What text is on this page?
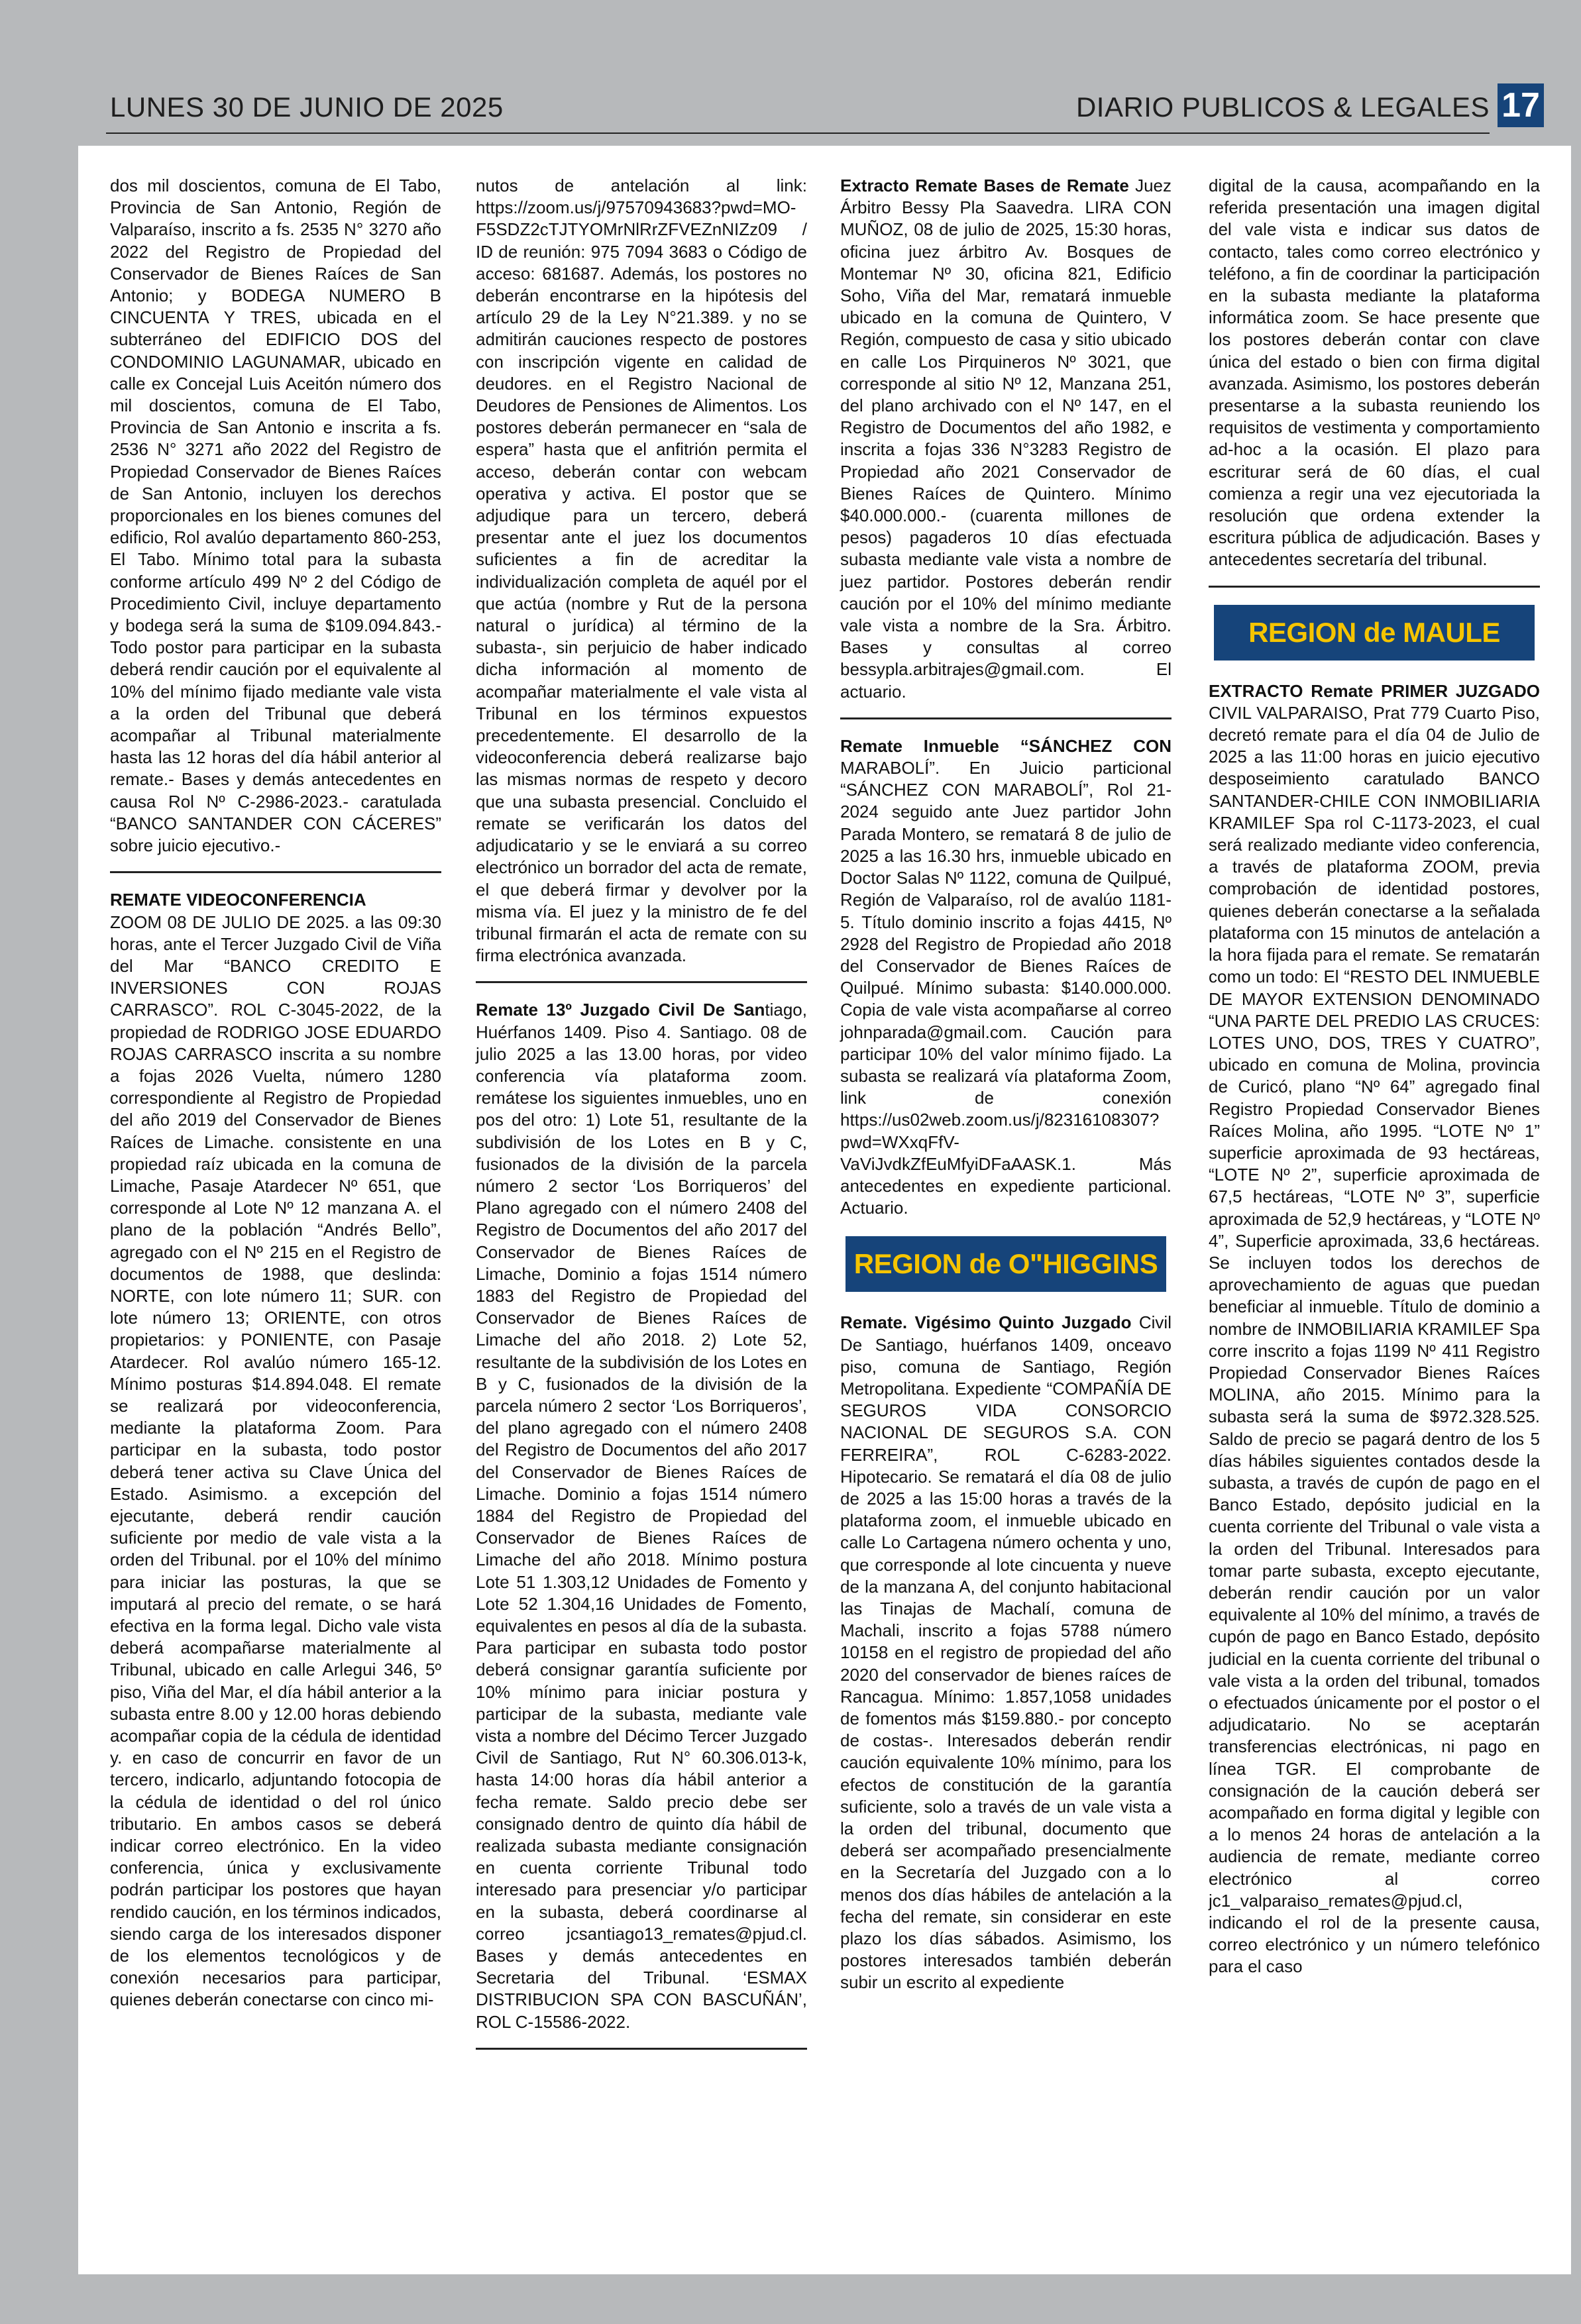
LUNES 30 DE JUNIO DE 2025	DIARIO PUBLICOS & LEGALES 17

dos mil doscientos, comuna de El Tabo, Provincia de San Antonio, Región de Valparaíso, inscrito a fs. 2535 N° 3270 año 2022 del Registro de Propiedad del Conservador de Bienes Raíces de San Antonio; y BODEGA NUMERO B CINCUENTA Y TRES, ubicada en el subterráneo del EDIFICIO DOS del CONDOMINIO LAGUNAMAR, ubicado en calle ex Concejal Luis Aceitón número dos mil doscientos, comuna de El Tabo, Provincia de San Antonio e inscrita a fs. 2536 N° 3271 año 2022 del Registro de Propiedad Conservador de Bienes Raíces de San Antonio, incluyen los derechos proporcionales en los bienes comunes del edificio, Rol avalúo departamento 860-253, El Tabo. Mínimo total para la subasta conforme artículo 499 Nº 2 del Código de Procedimiento Civil, incluye departamento y bodega será la suma de $109.094.843.- Todo postor para participar en la subasta deberá rendir caución por el equivalente al 10% del mínimo fijado mediante vale vista a la orden del Tribunal que deberá acompañar al Tribunal materialmente hasta las 12 horas del día hábil anterior al remate.- Bases y demás antecedentes en causa Rol Nº C-2986-2023.- caratulada “BANCO SANTANDER CON CÁCERES” sobre juicio ejecutivo.-

REMATE VIDEOCONFERENCIA
ZOOM 08 DE JULIO DE 2025. a las 09:30 horas, ante el Tercer Juzgado Civil de Viña del Mar “BANCO CREDITO E INVERSIONES CON ROJAS CARRASCO”. ROL C-3045-2022, de la propiedad de RODRIGO JOSE EDUARDO ROJAS CARRASCO inscrita a su nombre a fojas 2026 Vuelta, número 1280 correspondiente al Registro de Propiedad del año 2019 del Conservador de Bienes Raíces de Limache. consistente en una propiedad raíz ubicada en la comuna de Limache, Pasaje Atardecer Nº 651, que corresponde al Lote Nº 12 manzana A. el plano de la población “Andrés Bello”, agregado con el Nº 215 en el Registro de documentos de 1988, que deslinda: NORTE, con lote número 11; SUR. con lote número 13; ORIENTE, con otros propietarios: y PONIENTE, con Pasaje Atardecer. Rol avalúo número 165-12. Mínimo posturas $14.894.048. El remate se realizará por videoconferencia, mediante la plataforma Zoom. Para participar en la subasta, todo postor deberá tener activa su Clave Única del Estado. Asimismo. a excepción del ejecutante, deberá rendir caución suficiente por medio de vale vista a la orden del Tribunal. por el 10% del mínimo para iniciar las posturas, la que se imputará al precio del remate, o se hará efectiva en la forma legal. Dicho vale vista deberá acompañarse materialmente al Tribunal, ubicado en calle Arlegui 346, 5º piso, Viña del Mar, el día hábil anterior a la subasta entre 8.00 y 12.00 horas debiendo acompañar copia de la cédula de identidad y. en caso de concurrir en favor de un tercero, indicarlo, adjuntando fotocopia de la cédula de identidad o del rol único tributario. En ambos casos se deberá indicar correo electrónico. En la video conferencia, única y exclusivamente podrán participar los postores que hayan rendido caución, en los términos indicados, siendo carga de los interesados disponer de los elementos tecnológicos y de conexión necesarios para participar, quienes deberán conectarse con cinco mi-

nutos de antelación al link: https://zoom.us/j/97570943683?pwd=MO-F5SDZ2cTJTYOMrNlRrZFVEZnNIZz09 / ID de reunión: 975 7094 3683 o Código de acceso: 681687. Además, los postores no deberán encontrarse en la hipótesis del artículo 29 de la Ley N°21.389. y no se admitirán cauciones respecto de postores con inscripción vigente en calidad de deudores. en el Registro Nacional de Deudores de Pensiones de Alimentos. Los postores deberán permanecer en “sala de espera” hasta que el anfitrión permita el acceso, deberán contar con webcam operativa y activa. El postor que se adjudique para un tercero, deberá presentar ante el juez los documentos suficientes a fin de acreditar la individualización completa de aquél por el que actúa (nombre y Rut de la persona natural o jurídica) al término de la subasta-, sin perjuicio de haber indicado dicha información al momento de acompañar materialmente el vale vista al Tribunal en los términos expuestos precedentemente. El desarrollo de la videoconferencia deberá realizarse bajo las mismas normas de respeto y decoro que una subasta presencial. Concluido el remate se verificarán los datos del adjudicatario y se le enviará a su correo electrónico un borrador del acta de remate, el que deberá firmar y devolver por la misma vía. El juez y la ministro de fe del tribunal firmarán el acta de remate con su firma electrónica avanzada.

Remate 13º Juzgado Civil De Santiago, Huérfanos 1409. Piso 4. Santiago. 08 de julio 2025 a las 13.00 horas, por video conferencia vía plataforma zoom. remátese los siguientes inmuebles, uno en pos del otro: 1) Lote 51, resultante de la subdivisión de los Lotes en B y C, fusionados de la división de la parcela número 2 sector ‘Los Borriqueros’ del Plano agregado con el número 2408 del Registro de Documentos del año 2017 del Conservador de Bienes Raíces de Limache, Dominio a fojas 1514 número 1883 del Registro de Propiedad del Conservador de Bienes Raíces de Limache del año 2018. 2) Lote 52, resultante de la subdivisión de los Lotes en B y C, fusionados de la división de la parcela número 2 sector ‘Los Borriqueros’, del plano agregado con el número 2408 del Registro de Documentos del año 2017 del Conservador de Bienes Raíces de Limache. Dominio a fojas 1514 número 1884 del Registro de Propiedad del Conservador de Bienes Raíces de Limache del año 2018. Mínimo postura Lote 51 1.303,12 Unidades de Fomento y Lote 52 1.304,16 Unidades de Fomento, equivalentes en pesos al día de la subasta. Para participar en subasta todo postor deberá consignar garantía suficiente por 10% mínimo para iniciar postura y participar de la subasta, mediante vale vista a nombre del Décimo Tercer Juzgado Civil de Santiago, Rut N° 60.306.013-k, hasta 14:00 horas día hábil anterior a fecha remate. Saldo precio debe ser consignado dentro de quinto día hábil de realizada subasta mediante consignación en cuenta corriente Tribunal todo interesado para presenciar y/o participar en la subasta, deberá coordinarse al correo jcsantiago13_remates@pjud.cl. Bases y demás antecedentes en Secretaria del Tribunal. ‘ESMAX DISTRIBUCION SPA CON BASCUÑÁN’, ROL C-15586-2022.

Extracto Remate Bases de Remate Juez Árbitro Bessy Pla Saavedra. LIRA CON MUÑOZ, 08 de julio de 2025, 15:30 horas, oficina juez árbitro Av. Bosques de Montemar Nº 30, oficina 821, Edificio Soho, Viña del Mar, rematará inmueble ubicado en la comuna de Quintero, V Región, compuesto de casa y sitio ubicado en calle Los Pirquineros Nº 3021, que corresponde al sitio Nº 12, Manzana 251, del plano archivado con el Nº 147, en el Registro de Documentos del año 1982, e inscrita a fojas 336 N°3283 Registro de Propiedad año 2021 Conservador de Bienes Raíces de Quintero. Mínimo $40.000.000.- (cuarenta millones de pesos) pagaderos 10 días efectuada subasta mediante vale vista a nombre de juez partidor. Postores deberán rendir caución por el 10% del mínimo mediante vale vista a nombre de la Sra. Árbitro. Bases y consultas al correo bessypla.arbitrajes@gmail.com. El actuario.

Remate Inmueble “SÁNCHEZ CON MARABOLÍ”. En Juicio particional “SÁNCHEZ CON MARABOLÍ”, Rol 21-2024 seguido ante Juez partidor John Parada Montero, se rematará 8 de julio de 2025 a las 16.30 hrs, inmueble ubicado en Doctor Salas Nº 1122, comuna de Quilpué, Región de Valparaíso, rol de avalúo 1181-5. Título dominio inscrito a fojas 4415, Nº 2928 del Registro de Propiedad año 2018 del Conservador de Bienes Raíces de Quilpué. Mínimo subasta: $140.000.000. Copia de vale vista acompañarse al correo johnparada@gmail.com. Caución para participar 10% del valor mínimo fijado. La subasta se realizará vía plataforma Zoom, link de conexión https://us02web.zoom.us/j/82316108307?pwd=WXxqFfV-VaViJvdkZfEuMfyiDFaAASK.1. Más antecedentes en expediente particional. Actuario.

REGION de O"HIGGINS

Remate. Vigésimo Quinto Juzgado Civil De Santiago, huérfanos 1409, onceavo piso, comuna de Santiago, Región Metropolitana. Expediente “COMPAÑÍA DE SEGUROS VIDA CONSORCIO NACIONAL DE SEGUROS S.A. CON FERREIRA”, ROL C-6283-2022. Hipotecario. Se rematará el día 08 de julio de 2025 a las 15:00 horas a través de la plataforma zoom, el inmueble ubicado en calle Lo Cartagena número ochenta y uno, que corresponde al lote cincuenta y nueve de la manzana A, del conjunto habitacional las Tinajas de Machalí, comuna de Machali, inscrito a fojas 5788 número 10158 en el registro de propiedad del año 2020 del conservador de bienes raíces de Rancagua. Mínimo: 1.857,1058 unidades de fomentos más $159.880.- por concepto de costas-. Interesados deberán rendir caución equivalente 10% mínimo, para los efectos de constitución de la garantía suficiente, solo a través de un vale vista a la orden del tribunal, documento que deberá ser acompañado presencialmente en la Secretaría del Juzgado con a lo menos dos días hábiles de antelación a la fecha del remate, sin considerar en este plazo los días sábados. Asimismo, los postores interesados también deberán subir un escrito al expediente

digital de la causa, acompañando en la referida presentación una imagen digital del vale vista e indicar sus datos de contacto, tales como correo electrónico y teléfono, a fin de coordinar la participación en la subasta mediante la plataforma informática zoom. Se hace presente que los postores deberán contar con clave única del estado o bien con firma digital avanzada. Asimismo, los postores deberán presentarse a la subasta reuniendo los requisitos de vestimenta y comportamiento ad-hoc a la ocasión. El plazo para escriturar será de 60 días, el cual comienza a regir una vez ejecutoriada la resolución que ordena extender la escritura pública de adjudicación. Bases y antecedentes secretaría del tribunal.

REGION de MAULE

EXTRACTO Remate PRIMER JUZGADO CIVIL VALPARAISO, Prat 779 Cuarto Piso, decretó remate para el día 04 de Julio de 2025 a las 11:00 horas en juicio ejecutivo desposeimiento caratulado BANCO SANTANDER-CHILE CON INMOBILIARIA KRAMILEF Spa rol C-1173-2023, el cual será realizado mediante video conferencia, a través de plataforma ZOOM, previa comprobación de identidad postores, quienes deberán conectarse a la señalada plataforma con 15 minutos de antelación a la hora fijada para el remate. Se rematarán como un todo: El “RESTO DEL INMUEBLE DE MAYOR EXTENSION DENOMINADO “UNA PARTE DEL PREDIO LAS CRUCES: LOTES UNO, DOS, TRES Y CUATRO”, ubicado en comuna de Molina, provincia de Curicó, plano “Nº 64” agregado final Registro Propiedad Conservador Bienes Raíces Molina, año 1995. “LOTE Nº 1” superficie aproximada de 93 hectáreas, “LOTE Nº 2”, superficie aproximada de 67,5 hectáreas, “LOTE Nº 3”, superficie aproximada de 52,9 hectáreas, y “LOTE Nº 4”, Superficie aproximada, 33,6 hectáreas. Se incluyen todos los derechos de aprovechamiento de aguas que puedan beneficiar al inmueble. Título de dominio a nombre de INMOBILIARIA KRAMILEF Spa corre inscrito a fojas 1199 Nº 411 Registro Propiedad Conservador Bienes Raíces MOLINA, año 2015. Mínimo para la subasta será la suma de $972.328.525. Saldo de precio se pagará dentro de los 5 días hábiles siguientes contados desde la subasta, a través de cupón de pago en el Banco Estado, depósito judicial en la cuenta corriente del Tribunal o vale vista a la orden del Tribunal. Interesados para tomar parte subasta, excepto ejecutante, deberán rendir caución por un valor equivalente al 10% del mínimo, a través de cupón de pago en Banco Estado, depósito judicial en la cuenta corriente del tribunal o vale vista a la orden del tribunal, tomados o efectuados únicamente por el postor o el adjudicatario. No se aceptarán transferencias electrónicas, ni pago en línea TGR. El comprobante de consignación de la caución deberá ser acompañado en forma digital y legible con a lo menos 24 horas de antelación a la audiencia de remate, mediante correo electrónico al correo jc1_valparaiso_remates@pjud.cl, indicando el rol de la presente causa, correo electrónico y un número telefónico para el caso
